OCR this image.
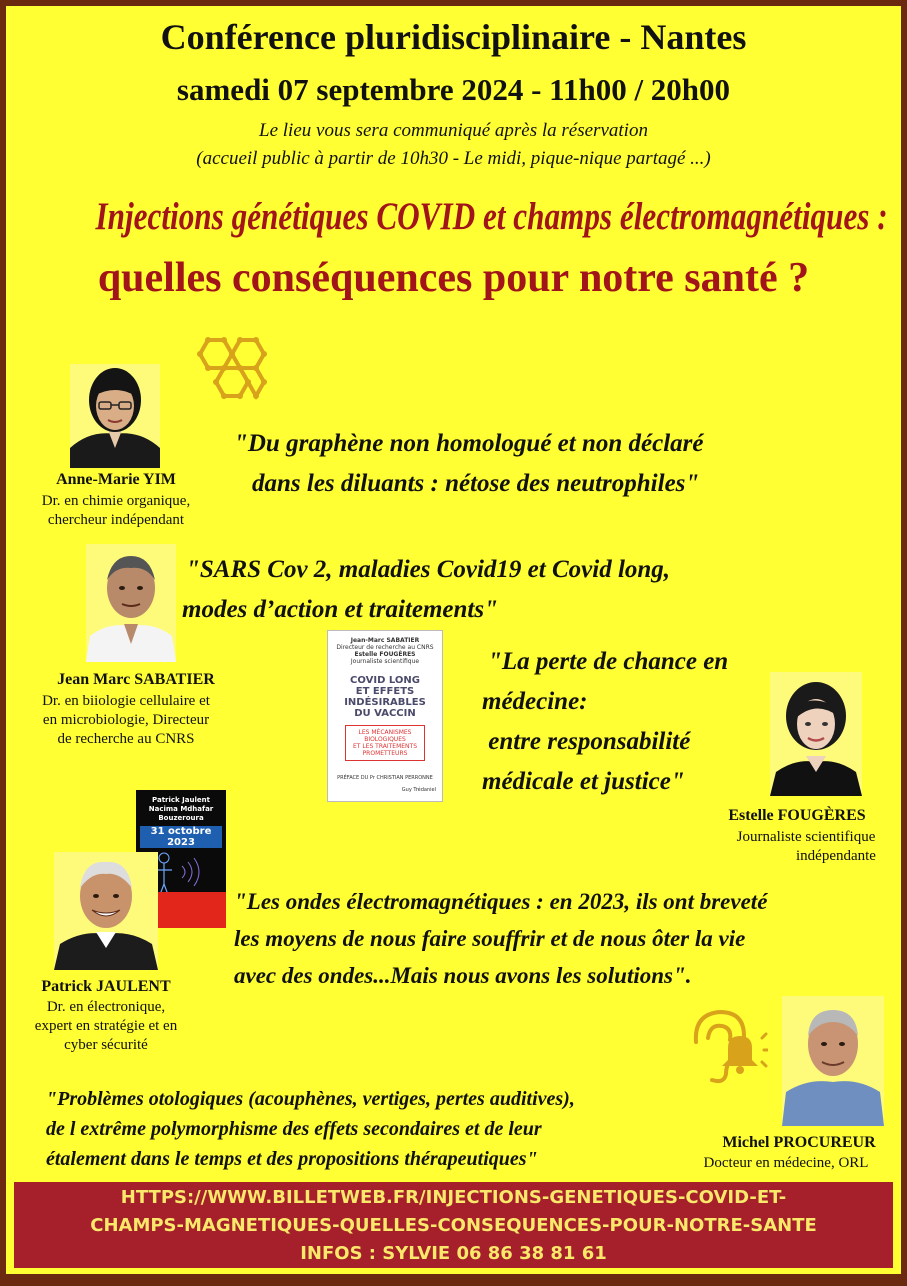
Conférence pluridisciplinaire - Nantes
samedi 07 septembre 2024 - 11h00 / 20h00
Le lieu vous sera communiqué après la réservation
(accueil public à partir de 10h30 - Le midi, pique-nique partagé ...)
Injections génétiques COVID et champs électromagnétiques :
quelles conséquences pour notre santé ?
Anne-Marie YIM
Dr. en chimie organique,
chercheur indépendant
"Du graphène non homologué et non déclaré
dans les diluants : nétose des neutrophiles"
Jean Marc SABATIER
Dr. en biiologie cellulaire et
en microbiologie, Directeur
de recherche au CNRS
"SARS Cov 2, maladies Covid19 et Covid long,
modes d’action et traitements"
Jean-Marc SABATIER
Directeur de recherche au CNRS
Estelle FOUGÈRES
Journaliste scientifique
COVID LONG
ET EFFETS
INDÉSIRABLES
DU VACCIN
LES MÉCANISMES
BIOLOGIQUES
ET LES TRAITEMENTS
PROMETTEURS
PRÉFACE DU Pr CHRISTIAN PERRONNE
Guy Trédaniel
"La perte de chance en
médecine:
entre responsabilité
médicale et justice"
Estelle FOUGÈRES
Journaliste scientifique
indépendante
Patrick Jaulent
Nacima Mdhafar
Bouzeroura
31 octobre 2023
Patrick JAULENT
Dr. en électronique,
expert en stratégie et en
cyber sécurité
"Les ondes électromagnétiques : en 2023, ils ont breveté
les moyens de nous faire souffrir et de nous ôter la vie
avec des ondes...Mais nous avons les solutions".
Michel PROCUREUR
Docteur en médecine, ORL
"Problèmes otologiques (acouphènes, vertiges, pertes auditives),
de l extrême polymorphisme des effets secondaires et de leur
étalement dans le temps et des propositions thérapeutiques"
HTTPS://WWW.BILLETWEB.FR/INJECTIONS-GENETIQUES-COVID-ET-
CHAMPS-MAGNETIQUES-QUELLES-CONSEQUENCES-POUR-NOTRE-SANTE
INFOS : SYLVIE 06 86 38 81 61
